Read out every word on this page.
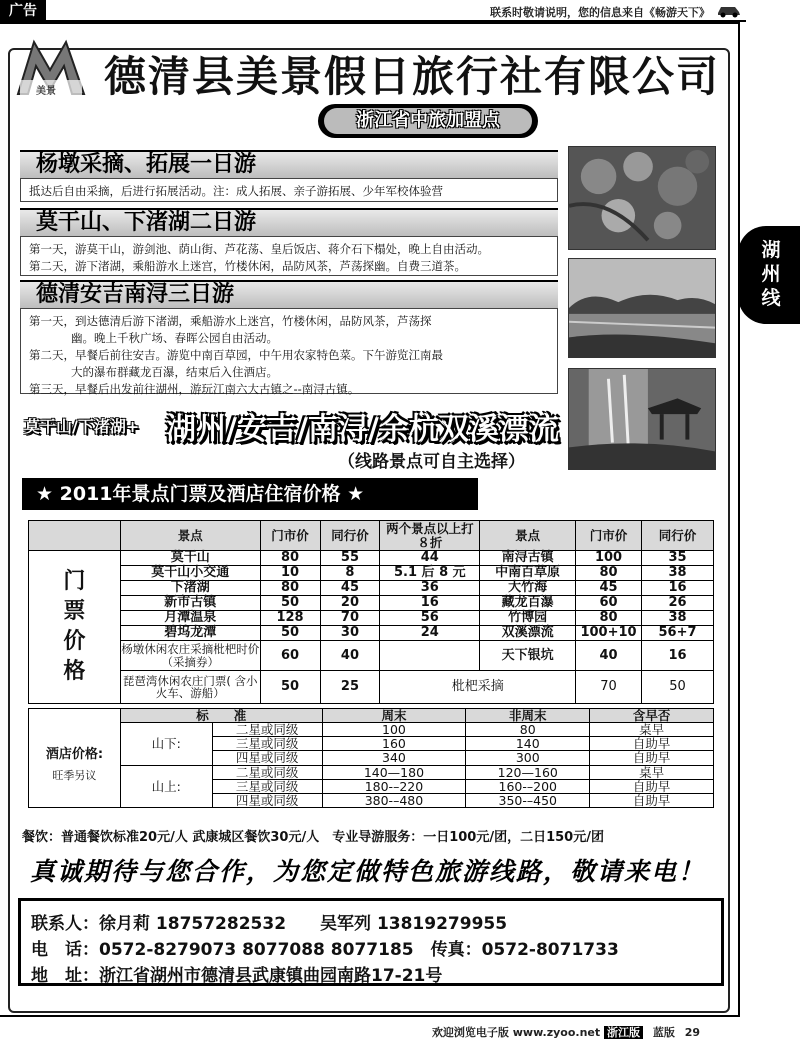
广告	联系时敬请说明，您的信息来自《畅游天下》
湖州线
美景 德清县美景假日旅行社有限公司
浙江省中旅加盟点
杨墩采摘、拓展一日游

抵达后自由采摘，后进行拓展活动。注：成人拓展、亲子游拓展、少年军校体验营

莫干山、下渚湖二日游

第一天，游莫干山，游剑池、荫山街、芦花荡、皇后饭店、蒋介石下榻处，晚上自由活动。

第二天，游下渚湖，乘船游水上迷宫，竹楼休闲，品防风茶，芦荡探幽。自费三道茶。

德清安吉南浔三日游

第一天，到达德清后游下渚湖，乘船游水上迷宫，竹楼休闲，品防风茶，芦荡探

幽。晚上千秋广场、春晖公园自由活动。

第二天，早餐后前往安吉。游览中南百草园，中午用农家特色菜。下午游览江南最

大的瀑布群藏龙百瀑，结束后入住酒店。

第三天，早餐后出发前往湖州，游玩江南六大古镇之--南浔古镇。

莫干山/下渚湖+ 湖州/安吉/南浔/余杭双溪漂流
（线路景点可自主选择）
★ 2011年景点门票及酒店住宿价格 ★
	景点	门市价	同行价	两个景点以上打８折	景点	门市价	同行价

门票价格	莫干山	80	55	44	南浔古镇	100	35
	莫干山小交通	10	8	5.1 后 8 元	中南百草原	80	38
	下渚湖	80	45	36	大竹海	45	16
	新市古镇	50	20	16	藏龙百瀑	60	26
	月潭温泉	128	70	56	竹博园	80	38
	碧坞龙潭	50	30	24	双溪漂流	100+10	56+7
	杨墩休闲农庄采摘枇杷时价（采摘券）	60	40		天下银坑	40	16
	琵琶湾休闲农庄门票( 含小火车、游船）	50	25	枇杷采摘		70	50
	标　　准		周末	非周末	含早否

酒店价格:
旺季另议	山下:	二星或同级	100	80	桌早
		三星或同级	160	140	自助早
		四星或同级	340	300	自助早
	山上:	二星或同级	140—180	120—160	桌早
		三星或同级	180-–220	160-–200	自助早
		四星或同级	380-–480	350-–450	自助早
餐饮：普通餐饮标准20元/人 武康城区餐饮30元/人　专业导游服务：一日100元/团，二日150元/团
真诚期待与您合作，为您定做特色旅游线路，敬请来电！
联系人：徐月莉 18757282532　　吴军列 13819279955
电　话：0572-8279073 8077088 8077185　传真：0572-8071733
地　址：浙江省湖州市德清县武康镇曲园南路17-21号
欢迎浏览电子版 www.zyoo.net 浙江版 蓝版 29
